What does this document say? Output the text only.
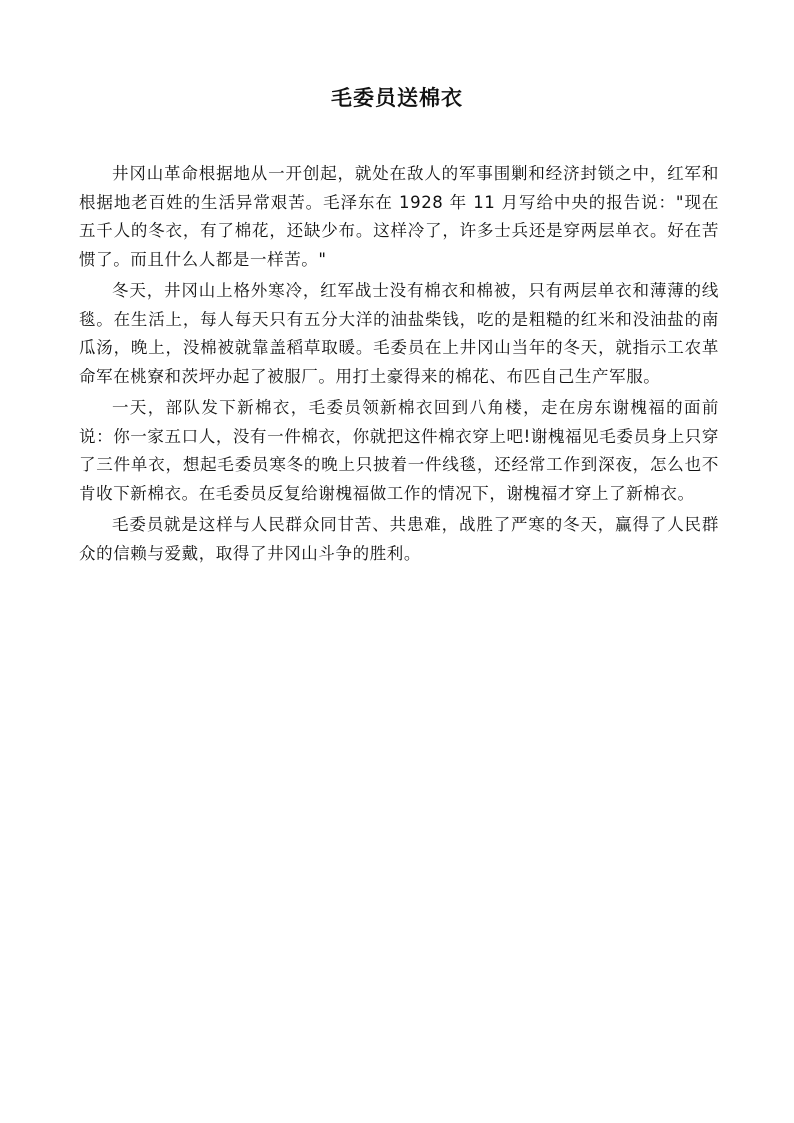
毛委员送棉衣

井冈山革命根据地从一开创起，就处在敌人的军事围剿和经济封锁之中，红军和根据地老百姓的生活异常艰苦。毛泽东在 1928 年 11 月写给中央的报告说："现在五千人的冬衣，有了棉花，还缺少布。这样冷了，许多士兵还是穿两层单衣。好在苦惯了。而且什么人都是一样苦。"

冬天，井冈山上格外寒冷，红军战士没有棉衣和棉被，只有两层单衣和薄薄的线毯。在生活上，每人每天只有五分大洋的油盐柴钱，吃的是粗糙的红米和没油盐的南瓜汤，晚上，没棉被就靠盖稻草取暖。毛委员在上井冈山当年的冬天，就指示工农革命军在桃寮和茨坪办起了被服厂。用打土豪得来的棉花、布匹自己生产军服。

一天，部队发下新棉衣，毛委员领新棉衣回到八角楼，走在房东谢槐福的面前说：你一家五口人，没有一件棉衣，你就把这件棉衣穿上吧!谢槐福见毛委员身上只穿了三件单衣，想起毛委员寒冬的晚上只披着一件线毯，还经常工作到深夜，怎么也不肯收下新棉衣。在毛委员反复给谢槐福做工作的情况下，谢槐福才穿上了新棉衣。

毛委员就是这样与人民群众同甘苦、共患难，战胜了严寒的冬天，赢得了人民群众的信赖与爱戴，取得了井冈山斗争的胜利。
